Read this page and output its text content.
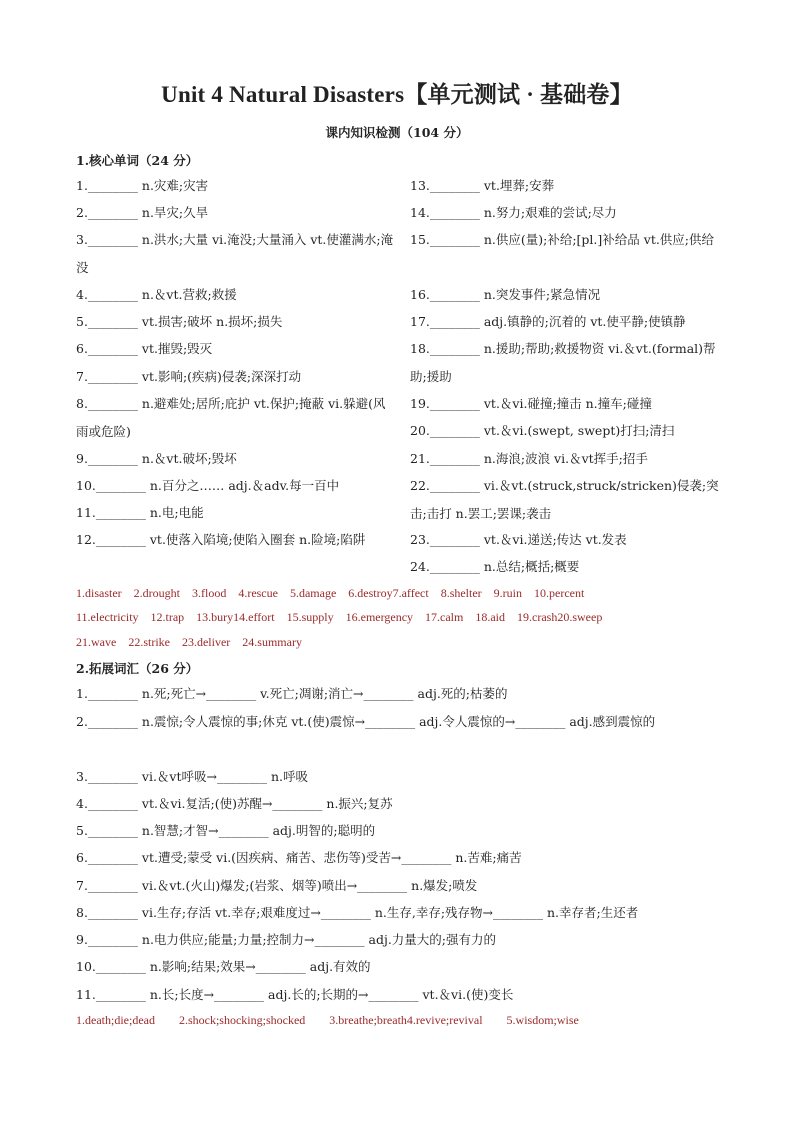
Unit 4 Natural Disasters【单元测试 · 基础卷】
课内知识检测（104 分）
1.核心单词（24 分）
1.________ n.灾难;灾害
2.________ n.旱灾;久旱
3.________ n.洪水;大量 vi.淹没;大量涌入 vt.使灌满水;淹没
4.________ n.＆vt.营救;救援
5.________ vt.损害;破坏 n.损坏;损失
6.________ vt.摧毁;毁灭
7.________ vt.影响;(疾病)侵袭;深深打动
8.________ n.避难处;居所;庇护 vt.保护;掩蔽 vi.躲避(风雨或危险)
9.________ n.＆vt.破坏;毁坏
10.________ n.百分之…… adj.＆adv.每一百中
11.________ n.电;电能
12.________ vt.使落入陷境;使陷入圈套 n.险境;陷阱
13.________ vt.埋葬;安葬
14.________ n.努力;艰难的尝试;尽力
15.________ n.供应(量);补给;[pl.]补给品 vt.供应;供给
16.________ n.突发事件;紧急情况
17.________ adj.镇静的;沉着的 vt.使平静;使镇静
18.________ n.援助;帮助;救援物资 vi.＆vt.(formal)帮助;援助
19.________ vt.＆vi.碰撞;撞击 n.撞车;碰撞
20.________ vt.＆vi.(swept, swept)打扫;清扫
21.________ n.海浪;波浪 vi.＆vt挥手;招手
22.________ vi.＆vt.(struck,struck/stricken)侵袭;突击;击打 n.罢工;罢课;袭击
23.________ vt.＆vi.递送;传达 vt.发表
24.________ n.总结;概括;概要
1.disaster　2.drought　3.flood　4.rescue　5.damage　6.destroy7.affect　8.shelter　9.ruin　10.percent
11.electricity　12.trap　13.bury14.effort　15.supply　16.emergency　17.calm　18.aid　19.crash20.sweep
21.wave　22.strike　23.deliver　24.summary
2.拓展词汇（26 分）
1.________ n.死;死亡→________ v.死亡;凋谢;消亡→________ adj.死的;枯萎的
2.________ n.震惊;令人震惊的事;休克 vt.(使)震惊→________ adj.令人震惊的→________ adj.感到震惊的
3.________ vi.＆vt呼吸→________ n.呼吸
4.________ vt.＆vi.复活;(使)苏醒→________ n.振兴;复苏
5.________ n.智慧;才智→________ adj.明智的;聪明的
6.________ vt.遭受;蒙受 vi.(因疾病、痛苦、悲伤等)受苦→________ n.苦难;痛苦
7.________ vi.＆vt.(火山)爆发;(岩浆、烟等)喷出→________ n.爆发;喷发
8.________ vi.生存;存活 vt.幸存;艰难度过→________ n.生存,幸存;残存物→________ n.幸存者;生还者
9.________ n.电力供应;能量;力量;控制力→________ adj.力量大的;强有力的
10.________ n.影响;结果;效果→________ adj.有效的
11.________ n.长;长度→________ adj.长的;长期的→________ vt.＆vi.(使)变长
1.death;die;dead　　2.shock;shocking;shocked　　3.breathe;breath4.revive;revival　　5.wisdom;wise
